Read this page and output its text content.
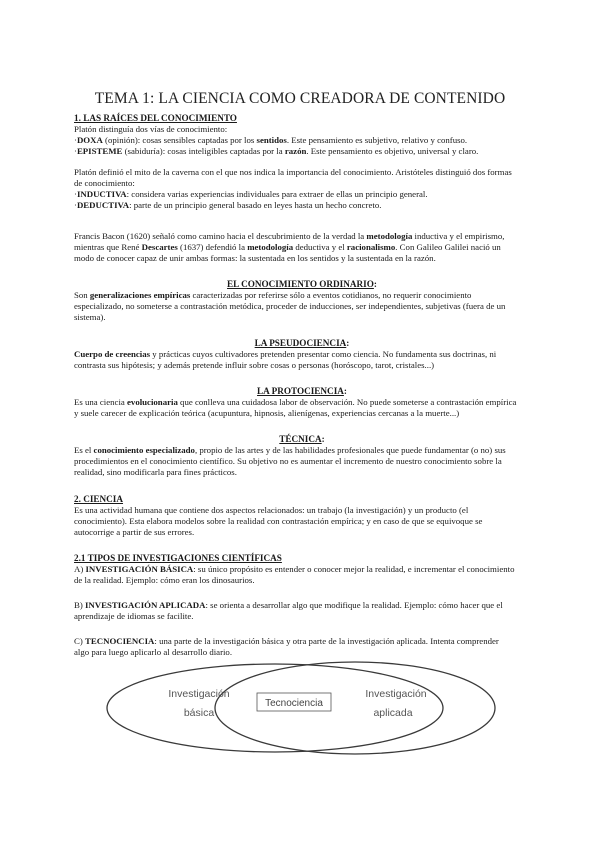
TEMA 1: LA CIENCIA COMO CREADORA DE CONTENIDO

1. LAS RAÍCES DEL CONOCIMIENTO

Platón distinguía dos vías de conocimiento:

·DOXA (opinión): cosas sensibles captadas por los sentidos. Este pensamiento es subjetivo, relativo y confuso.

·EPISTEME (sabiduría): cosas inteligibles captadas por la razón. Este pensamiento es objetivo, universal y claro.

Platón definió el mito de la caverna con el que nos indica la importancia del conocimiento. Aristóteles distinguió dos formas

de conocimiento:

·INDUCTIVA: considera varias experiencias individuales para extraer de ellas un principio general.

·DEDUCTIVA: parte de un principio general basado en leyes hasta un hecho concreto.

Francis Bacon (1620) señaló como camino hacia el descubrimiento de la verdad la metodología inductiva y el empirismo,

mientras que René Descartes (1637) defendió la metodología deductiva y el racionalismo. Con Galileo Galilei nació un

modo de conocer capaz de unir ambas formas: la sustentada en los sentidos y la sustentada en la razón.

EL CONOCIMIENTO ORDINARIO:

Son generalizaciones empíricas caracterizadas por referirse sólo a eventos cotidianos, no requerir conocimiento

especializado, no someterse a contrastación metódica, proceder de inducciones, ser independientes, subjetivas (fuera de un

sistema).

LA PSEUDOCIENCIA:

Cuerpo de creencias y prácticas cuyos cultivadores pretenden presentar como ciencia. No fundamenta sus doctrinas, ni

contrasta sus hipótesis; y además pretende influir sobre cosas o personas (horóscopo, tarot, cristales...)

LA PROTOCIENCIA:

Es una ciencia evolucionaria que conlleva una cuidadosa labor de observación. No puede someterse a contrastación empírica

y suele carecer de explicación teórica (acupuntura, hipnosis, alienígenas, experiencias cercanas a la muerte...)

TÉCNICA:

Es el conocimiento especializado, propio de las artes y de las habilidades profesionales que puede fundamentar (o no) sus

procedimientos en el conocimiento científico. Su objetivo no es aumentar el incremento de nuestro conocimiento sobre la

realidad, sino modificarla para fines prácticos.

2. CIENCIA

Es una actividad humana que contiene dos aspectos relacionados: un trabajo (la investigación) y un producto (el

conocimiento). Esta elabora modelos sobre la realidad con contrastación empírica; y en caso de que se equivoque se

autocorrige a partir de sus errores.

2.1 TIPOS DE INVESTIGACIONES CIENTÍFICAS

A) INVESTIGACIÓN BÁSICA: su único propósito es entender o conocer mejor la realidad, e incrementar el conocimiento

de la realidad. Ejemplo: cómo eran los dinosaurios.

B) INVESTIGACIÓN APLICADA: se orienta a desarrollar algo que modifique la realidad. Ejemplo: cómo hacer que el

aprendizaje de idiomas se facilite.

C) TECNOCIENCIA: una parte de la investigación básica y otra parte de la investigación aplicada. Intenta comprender

algo para luego aplicarlo al desarrollo diario.

Tecnociencia
Investigación
básica
Investigación
aplicada
